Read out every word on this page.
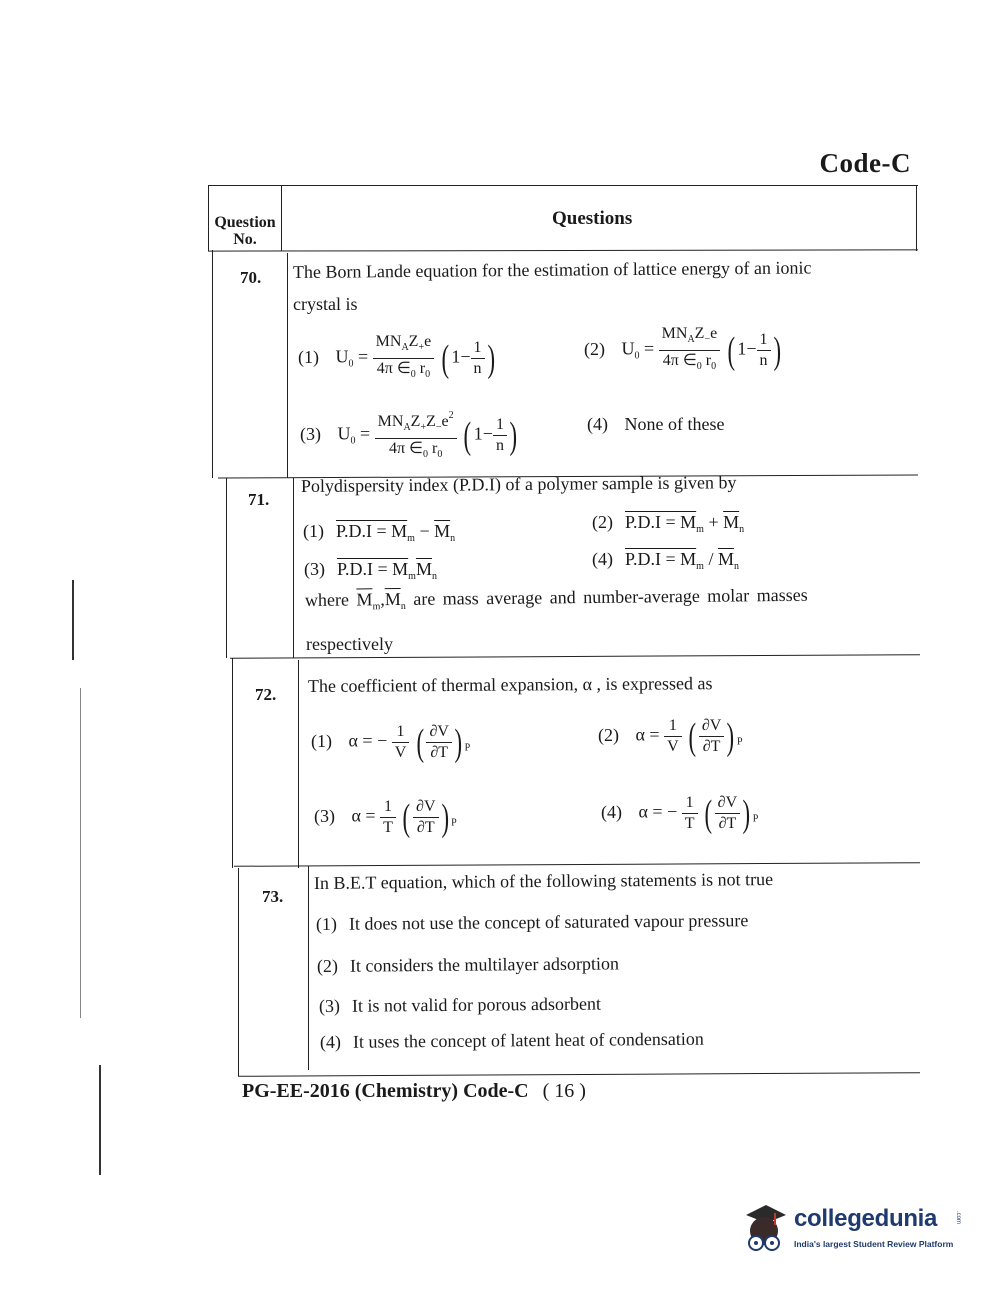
Code-C
Question
No.
Questions
70. The Born Lande equation for the estimation of lattice energy of an ionic
crystal is
(1) $U_0 = \frac{MN_AZ_+e}{4\pi \in_0 r_0}$ ( $1- \frac{1}{n}$ )	(2) $U_0 = \frac{MN_AZ_-e}{4\pi \in_0 r_0}$ ( $1- \frac{1}{n}$ )
(3) $U_0 = \frac{MN_AZ_+Z_-e^2}{4\pi \in_0 r_0}$ ( $1- \frac{1}{n}$ )	(4) None of these
71.
Polydispersity index (P.D.I) of a polymer sample is given by
(1) $P.D.I = M_m - \overline{M}_n$
(2) $P.D.I = M_m + \overline{M}_n$
(3) $P.D.I = M_m\overline{M}_n$
(4) $P.D.I = M_m / \overline{M}_n$
where $\overline{M}_m,\overline{M}_n$ are mass average and number-average molar masses
respectively
72. The coefficient of thermal expansion, α , is expressed as
(1) α = − $\frac{1}{V}$ ( $\frac{\partial V}{\partial T}$ ) $_P$
(2) $\alpha = \frac{1}{V}$ ( $\frac{\partial V}{\partial T}$ ) $_P$
(3) $\alpha = \frac{1}{T}$ ( $\frac{\partial V}{\partial T}$ ) $_P$
(4) α = − $\frac{1}{T}$ ( $\frac{\partial V}{\partial T}$ ) $_P$
73.
In B.E.T equation, which of the following statements is not true
(1) It does not use the concept of saturated vapour pressure
(2) It considers the multilayer adsorption
(3) It is not valid for porous adsorbent
(4) It uses the concept of latent heat of condensation
PG-EE-2016 (Chemistry) Code-C ( 16 )
collegedunia	.com
India's largest Student Review Platform
